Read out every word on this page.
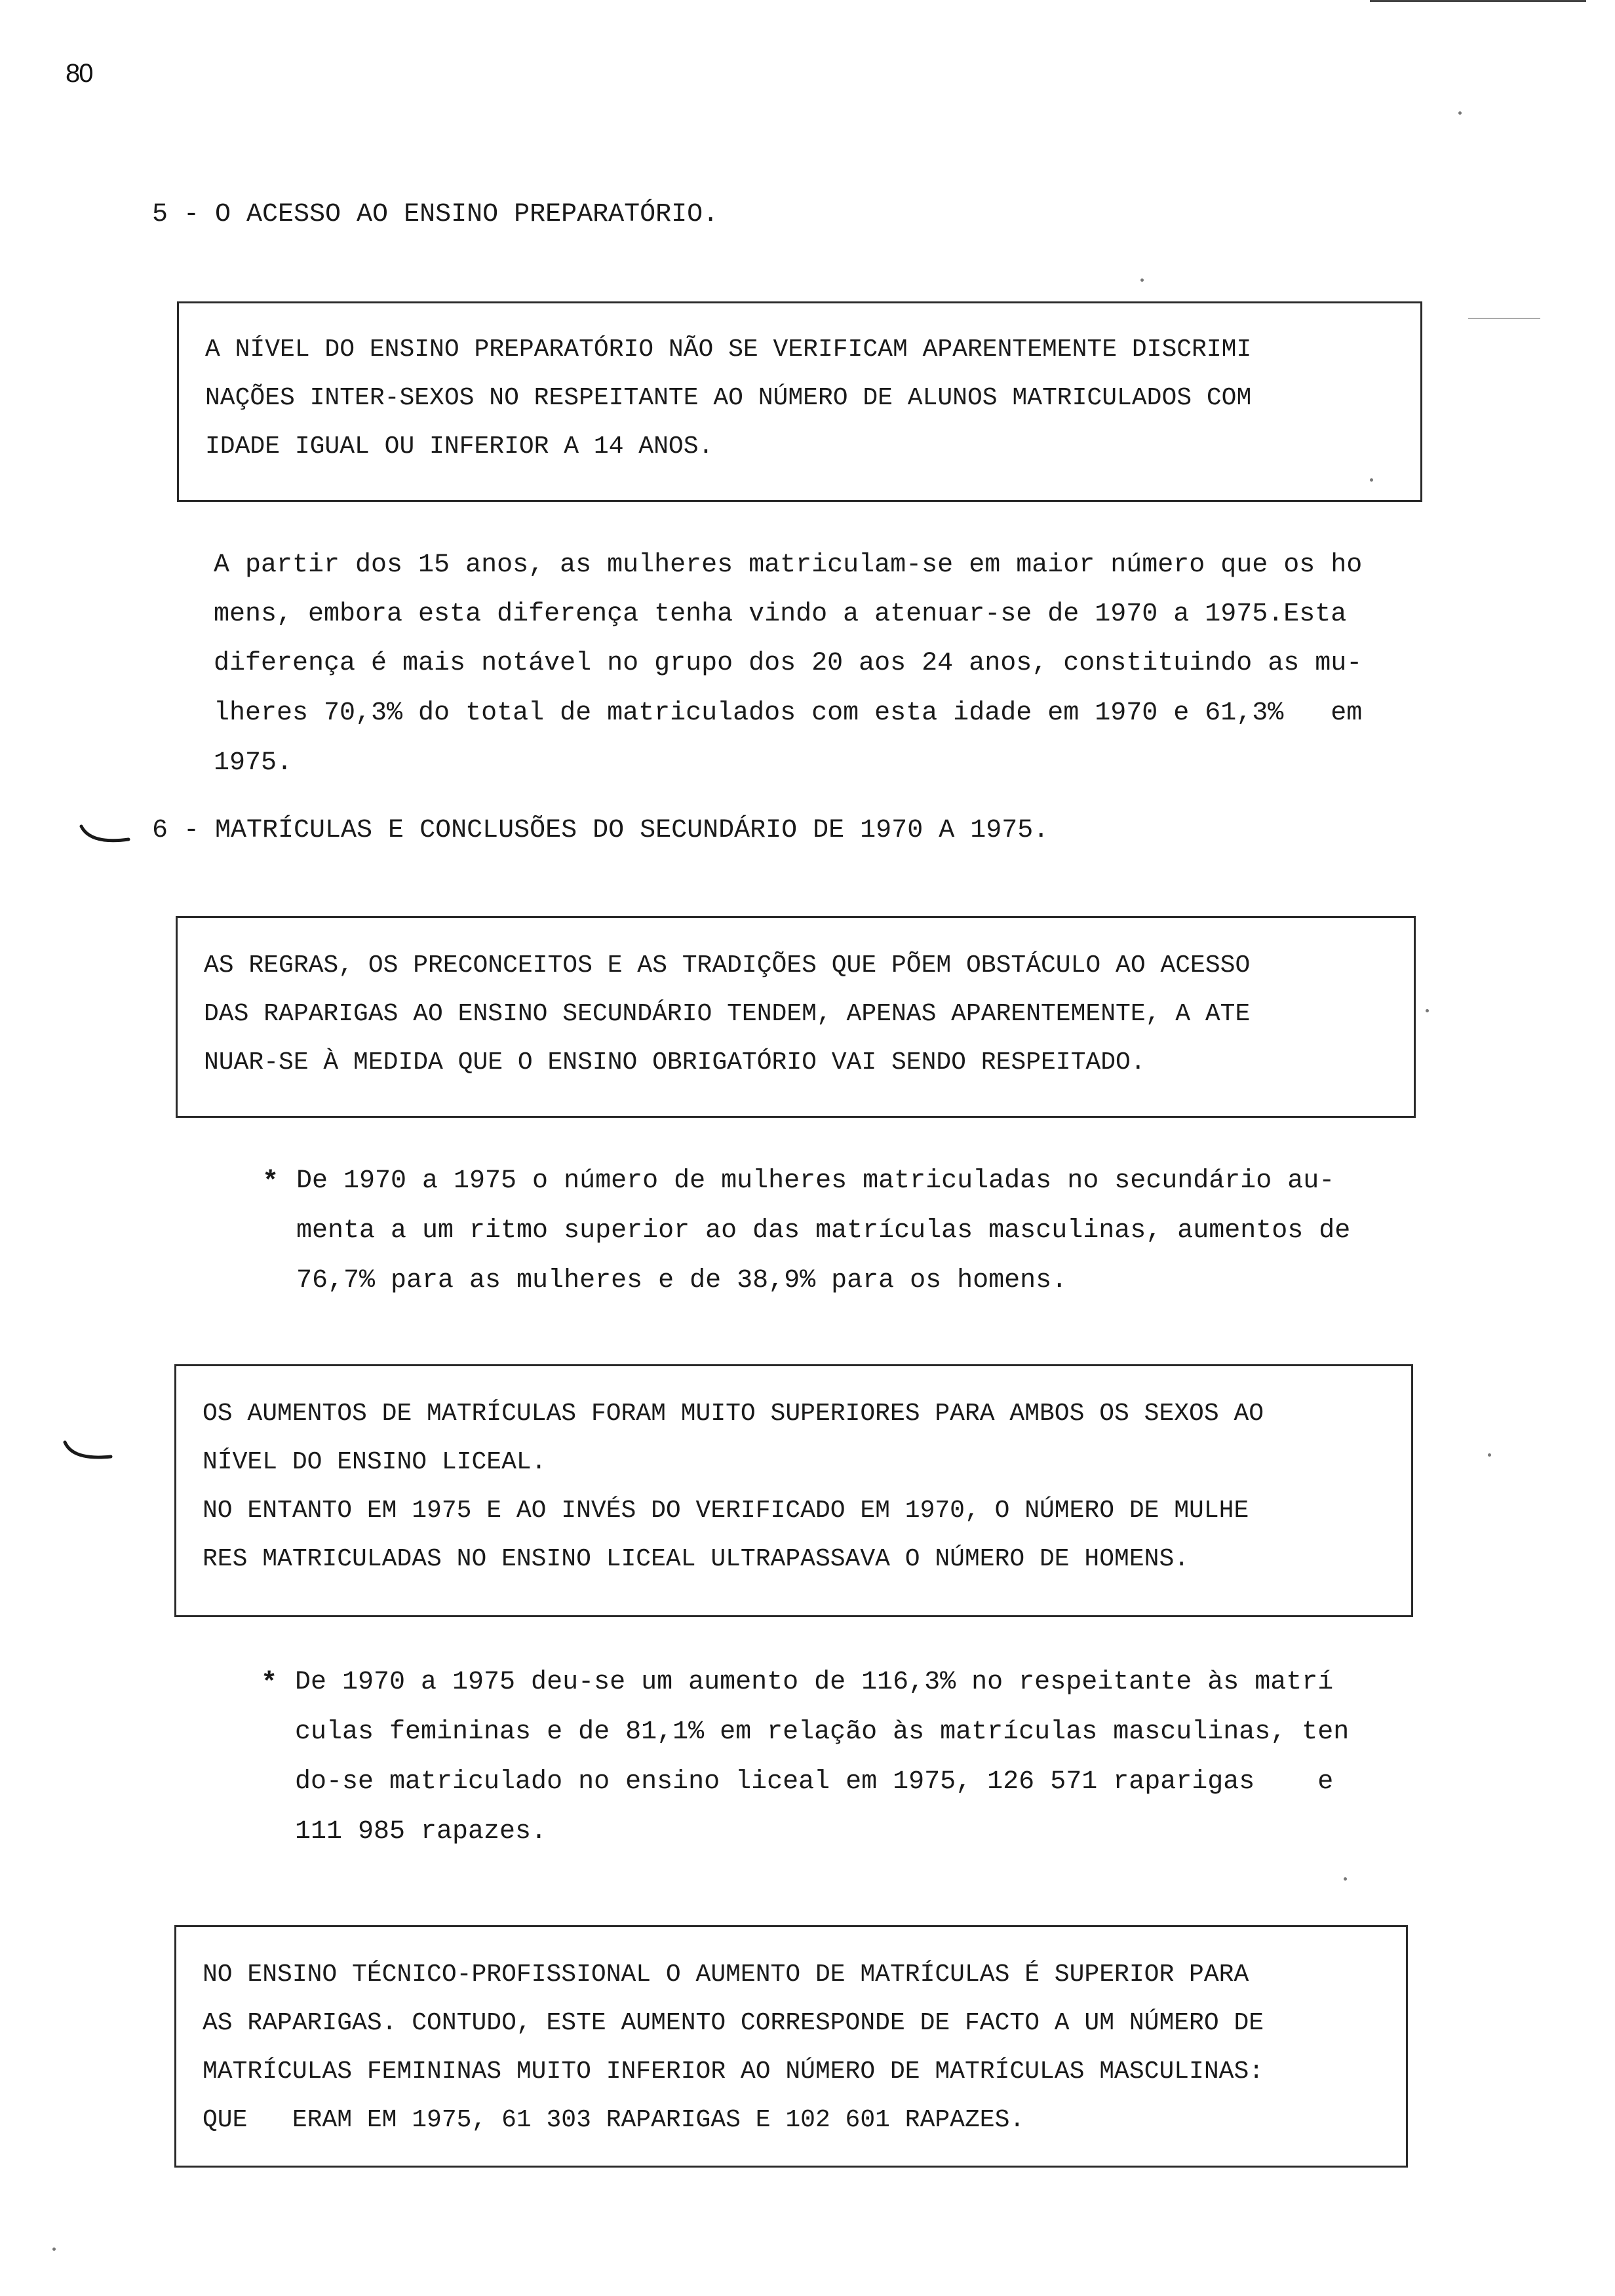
80
5 - O ACESSO AO ENSINO PREPARATÓRIO.
A NÍVEL DO ENSINO PREPARATÓRIO NÃO SE VERIFICAM APARENTEMENTE DISCRIMI
NAÇÕES INTER-SEXOS NO RESPEITANTE AO NÚMERO DE ALUNOS MATRICULADOS COM
IDADE IGUAL OU INFERIOR A 14 ANOS.
A partir dos 15 anos, as mulheres matriculam-se em maior número que os ho
mens, embora esta diferença tenha vindo a atenuar-se de 1970 a 1975.Esta
diferença é mais notável no grupo dos 20 aos 24 anos, constituindo as mu-
lheres 70,3% do total de matriculados com esta idade em 1970 e 61,3%   em
1975.
6 - MATRÍCULAS E CONCLUSÕES DO SECUNDÁRIO DE 1970 A 1975.
AS REGRAS, OS PRECONCEITOS E AS TRADIÇÕES QUE PÕEM OBSTÁCULO AO ACESSO
DAS RAPARIGAS AO ENSINO SECUNDÁRIO TENDEM, APENAS APARENTEMENTE, A ATE
NUAR-SE À MEDIDA QUE O ENSINO OBRIGATÓRIO VAI SENDO RESPEITADO.
* De 1970 a 1975 o número de mulheres matriculadas no secundário au-
menta a um ritmo superior ao das matrículas masculinas, aumentos de
76,7% para as mulheres e de 38,9% para os homens.
OS AUMENTOS DE MATRÍCULAS FORAM MUITO SUPERIORES PARA AMBOS OS SEXOS AO
NÍVEL DO ENSINO LICEAL.
NO ENTANTO EM 1975 E AO INVÉS DO VERIFICADO EM 1970, O NÚMERO DE MULHE
RES MATRICULADAS NO ENSINO LICEAL ULTRAPASSAVA O NÚMERO DE HOMENS.
* De 1970 a 1975 deu-se um aumento de 116,3% no respeitante às matrí
culas femininas e de 81,1% em relação às matrículas masculinas, ten
do-se matriculado no ensino liceal em 1975, 126 571 raparigas    e
111 985 rapazes.
NO ENSINO TÉCNICO-PROFISSIONAL O AUMENTO DE MATRÍCULAS É SUPERIOR PARA
AS RAPARIGAS. CONTUDO, ESTE AUMENTO CORRESPONDE DE FACTO A UM NÚMERO DE
MATRÍCULAS FEMININAS MUITO INFERIOR AO NÚMERO DE MATRÍCULAS MASCULINAS:
QUE   ERAM EM 1975, 61 303 RAPARIGAS E 102 601 RAPAZES.
